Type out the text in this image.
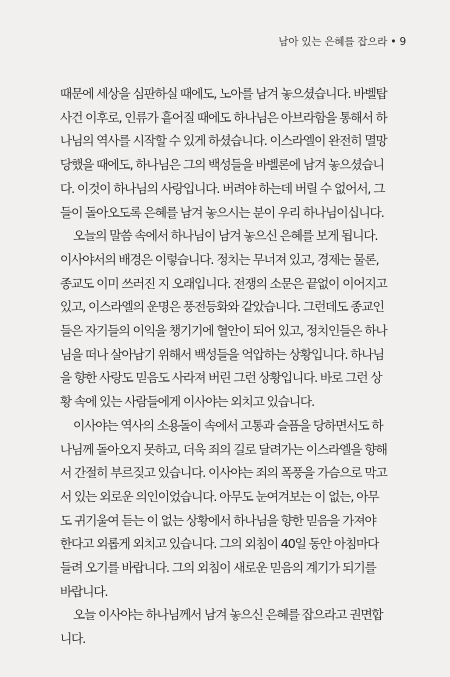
남아 있는 은혜를 잡으라 • 9
때문에 세상을 심판하실 때에도, 노아를 남겨 놓으셨습니다. 바벨탑
사건 이후로, 인류가 흩어질 때에도 하나님은 아브라함을 통해서 하
나님의 역사를 시작할 수 있게 하셨습니다. 이스라엘이 완전히 멸망
당했을 때에도, 하나님은 그의 백성들을 바벨론에 남겨 놓으셨습니
다. 이것이 하나님의 사랑입니다. 버려야 하는데 버릴 수 없어서, 그
들이 돌아오도록 은혜를 남겨 놓으시는 분이 우리 하나님이십니다.
오늘의 말씀 속에서 하나님이 남겨 놓으신 은혜를 보게 됩니다.
이사야서의 배경은 이렇습니다. 정치는 무너져 있고, 경제는 물론,
종교도 이미 쓰러진 지 오래입니다. 전쟁의 소문은 끝없이 이어지고
있고, 이스라엘의 운명은 풍전등화와 같았습니다. 그런데도 종교인
들은 자기들의 이익을 챙기기에 혈안이 되어 있고, 정치인들은 하나
님을 떠나 살아남기 위해서 백성들을 억압하는 상황입니다. 하나님
을 향한 사랑도 믿음도 사라져 버린 그런 상황입니다. 바로 그런 상
황 속에 있는 사람들에게 이사야는 외치고 있습니다.
이사야는 역사의 소용돌이 속에서 고통과 슬픔을 당하면서도 하
나님께 돌아오지 못하고, 더욱 죄의 길로 달려가는 이스라엘을 향해
서 간절히 부르짖고 있습니다. 이사야는 죄의 폭풍을 가슴으로 막고
서 있는 외로운 의인이었습니다. 아무도 눈여겨보는 이 없는, 아무
도 귀기울여 듣는 이 없는 상황에서 하나님을 향한 믿음을 가져야
한다고 외롭게 외치고 있습니다. 그의 외침이 40일 동안 아침마다
들려 오기를 바랍니다. 그의 외침이 새로운 믿음의 계기가 되기를
바랍니다.
오늘 이사야는 하나님께서 남겨 놓으신 은혜를 잡으라고 권면합
니다.
